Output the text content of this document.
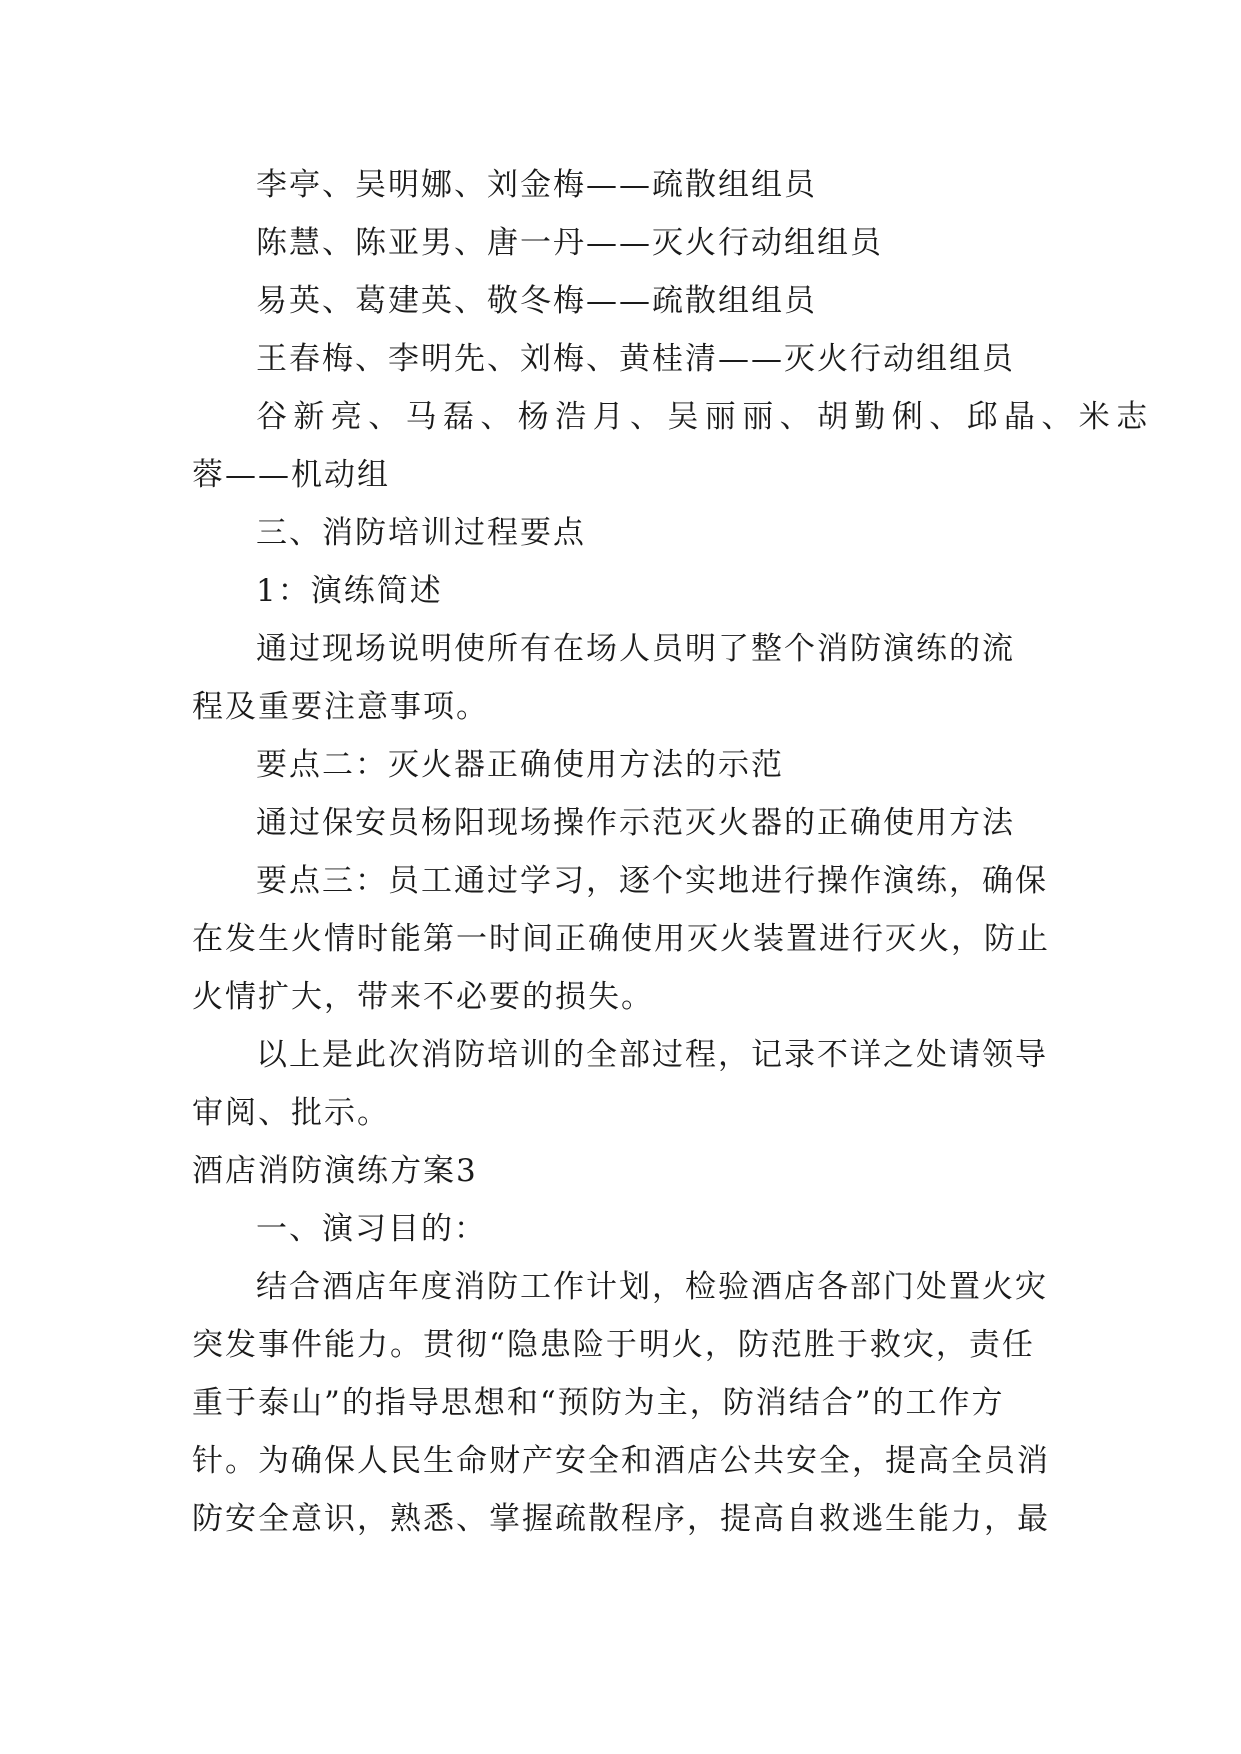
李亭、吴明娜、刘金梅——疏散组组员
陈慧、陈亚男、唐一丹——灭火行动组组员
易英、葛建英、敬冬梅——疏散组组员
王春梅、李明先、刘梅、黄桂清——灭火行动组组员
谷新亮、马磊、杨浩月、吴丽丽、胡勤俐、邱晶、米志
蓉——机动组
三、消防培训过程要点
1：演练简述
通过现场说明使所有在场人员明了整个消防演练的流
程及重要注意事项。
要点二：灭火器正确使用方法的示范
通过保安员杨阳现场操作示范灭火器的正确使用方法
要点三：员工通过学习，逐个实地进行操作演练，确保
在发生火情时能第一时间正确使用灭火装置进行灭火，防止
火情扩大，带来不必要的损失。
以上是此次消防培训的全部过程，记录不详之处请领导
审阅、批示。
酒店消防演练方案3
一、演习目的：
结合酒店年度消防工作计划，检验酒店各部门处置火灾
突发事件能力。贯彻“隐患险于明火，防范胜于救灾，责任
重于泰山”的指导思想和“预防为主，防消结合”的工作方
针。为确保人民生命财产安全和酒店公共安全，提高全员消
防安全意识，熟悉、掌握疏散程序，提高自救逃生能力，最
